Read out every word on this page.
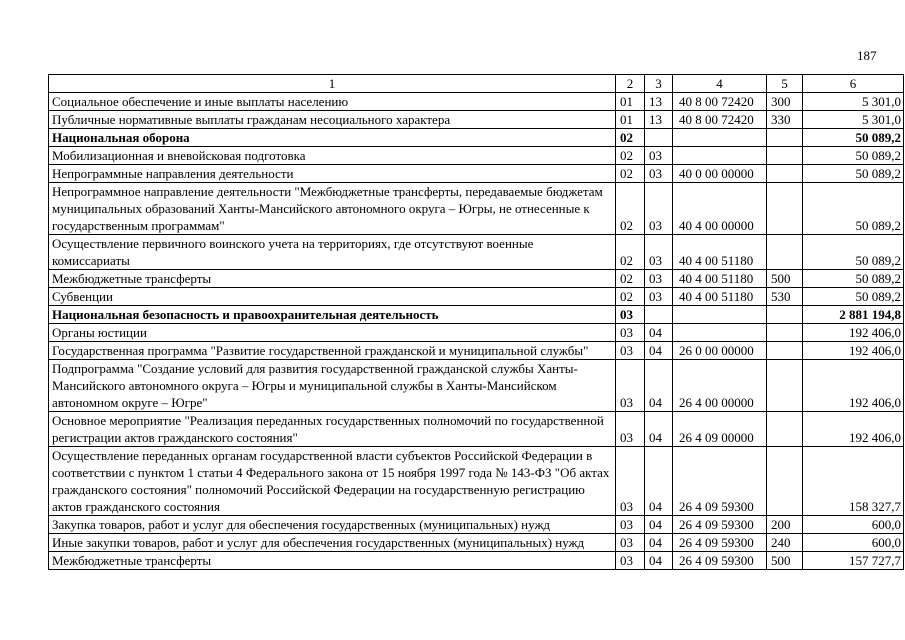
187
1	2	3	4	5	6
Социальное обеспечение и иные выплаты населению	01	13	40 8 00 72420	300	5 301,0
Публичные нормативные выплаты гражданам несоциального характера	01	13	40 8 00 72420	330	5 301,0
Национальная оборона	02				50 089,2
Мобилизационная и вневойсковая подготовка	02	03			50 089,2
Непрограммные направления деятельности	02	03	40 0 00 00000		50 089,2
Непрограммное направление деятельности "Межбюджетные трансферты, передаваемые бюджетам муниципальных образований Ханты-Мансийского автономного округа – Югры, не отнесенные к государственным программам"	02	03	40 4 00 00000		50 089,2
Осуществление первичного воинского учета на территориях, где отсутствуют военные комиссариаты	02	03	40 4 00 51180		50 089,2
Межбюджетные трансферты	02	03	40 4 00 51180	500	50 089,2
Субвенции	02	03	40 4 00 51180	530	50 089,2
Национальная безопасность и правоохранительная деятельность	03				2 881 194,8
Органы юстиции	03	04			192 406,0
Государственная программа "Развитие государственной гражданской и муниципальной службы"	03	04	26 0 00 00000		192 406,0
Подпрограмма "Создание условий для развития государственной гражданской службы Ханты-Мансийского автономного округа – Югры и муниципальной службы в Ханты-Мансийском автономном округе – Югре"	03	04	26 4 00 00000		192 406,0
Основное мероприятие "Реализация переданных государственных полномочий по государственной регистрации актов гражданского состояния"	03	04	26 4 09 00000		192 406,0
Осуществление переданных органам государственной власти субъектов Российской Федерации в соответствии с пунктом 1 статьи 4 Федерального закона от 15 ноября 1997 года № 143-ФЗ "Об актах гражданского состояния" полномочий Российской Федерации на государственную регистрацию актов гражданского состояния	03	04	26 4 09 59300		158 327,7
Закупка товаров, работ и услуг для обеспечения государственных (муниципальных) нужд	03	04	26 4 09 59300	200	600,0
Иные закупки товаров, работ и услуг для обеспечения государственных (муниципальных) нужд	03	04	26 4 09 59300	240	600,0
Межбюджетные трансферты	03	04	26 4 09 59300	500	157 727,7
